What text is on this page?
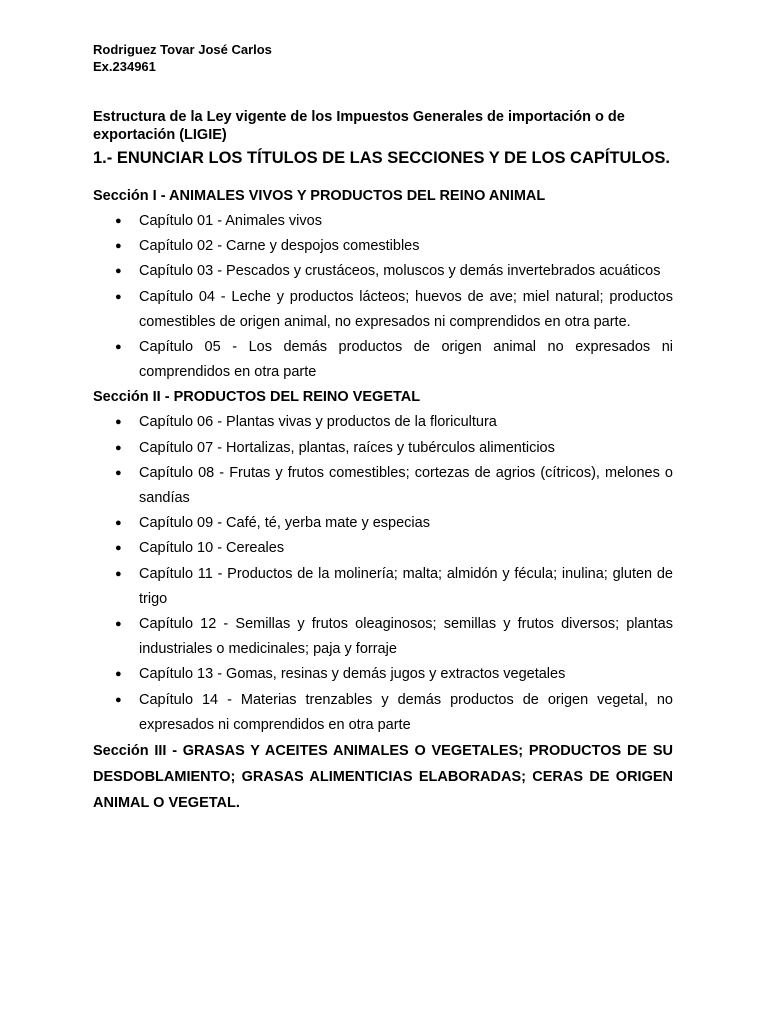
Rodriguez Tovar José Carlos
Ex.234961
Estructura de la Ley vigente de los Impuestos Generales de importación o de exportación (LIGIE)
1.- ENUNCIAR LOS TÍTULOS DE LAS SECCIONES Y DE LOS CAPÍTULOS.
Sección I - ANIMALES VIVOS Y PRODUCTOS DEL REINO ANIMAL
● Capítulo 01 - Animales vivos
● Capítulo 02 - Carne y despojos comestibles
● Capítulo 03 - Pescados y crustáceos, moluscos y demás invertebrados acuáticos
● Capítulo 04 - Leche y productos lácteos; huevos de ave; miel natural; productos comestibles de origen animal, no expresados ni comprendidos en otra parte.
● Capítulo 05 - Los demás productos de origen animal no expresados ni comprendidos en otra parte
Sección II - PRODUCTOS DEL REINO VEGETAL
● Capítulo 06 - Plantas vivas y productos de la floricultura
● Capítulo 07 - Hortalizas, plantas, raíces y tubérculos alimenticios
● Capítulo 08 - Frutas y frutos comestibles; cortezas de agrios (cítricos), melones o sandías
● Capítulo 09 - Café, té, yerba mate y especias
● Capítulo 10 - Cereales
● Capítulo 11 - Productos de la molinería; malta; almidón y fécula; inulina; gluten de trigo
● Capítulo 12 - Semillas y frutos oleaginosos; semillas y frutos diversos; plantas industriales o medicinales; paja y forraje
● Capítulo 13 - Gomas, resinas y demás jugos y extractos vegetales
● Capítulo 14 - Materias trenzables y demás productos de origen vegetal, no expresados ni comprendidos en otra parte
Sección III - GRASAS Y ACEITES ANIMALES O VEGETALES; PRODUCTOS DE SU DESDOBLAMIENTO; GRASAS ALIMENTICIAS ELABORADAS; CERAS DE ORIGEN ANIMAL O VEGETAL.
